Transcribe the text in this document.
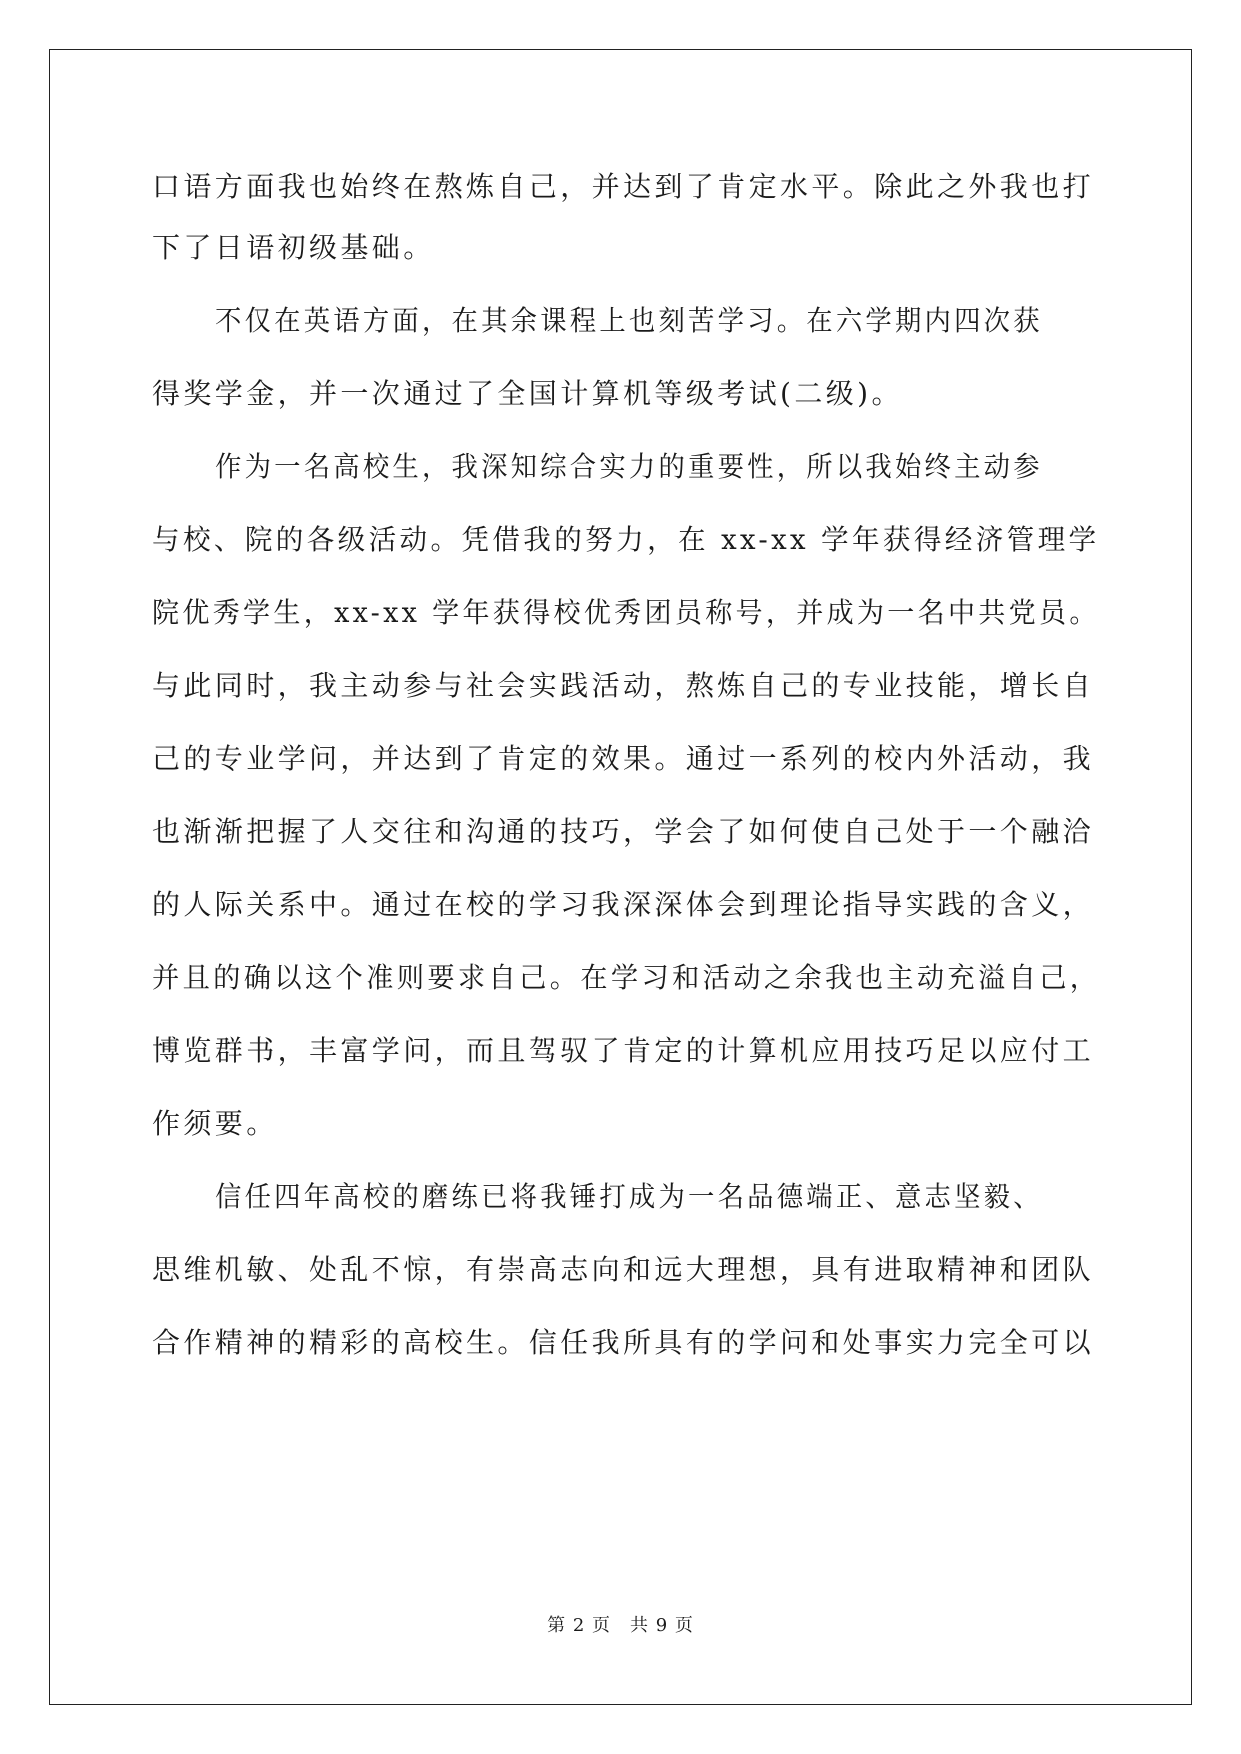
口语方面我也始终在熬炼自己，并达到了肯定水平。除此之外我也打
下了日语初级基础。
不仅在英语方面，在其余课程上也刻苦学习。在六学期内四次获
得奖学金，并一次通过了全国计算机等级考试(二级)。
作为一名高校生，我深知综合实力的重要性，所以我始终主动参
与校、院的各级活动。凭借我的努力，在 xx-xx 学年获得经济管理学
院优秀学生，xx-xx 学年获得校优秀团员称号，并成为一名中共党员。
与此同时，我主动参与社会实践活动，熬炼自己的专业技能，增长自
己的专业学问，并达到了肯定的效果。通过一系列的校内外活动，我
也渐渐把握了人交往和沟通的技巧，学会了如何使自己处于一个融洽
的人际关系中。通过在校的学习我深深体会到理论指导实践的含义，
并且的确以这个准则要求自己。在学习和活动之余我也主动充溢自己，
博览群书，丰富学问，而且驾驭了肯定的计算机应用技巧足以应付工
作须要。
信任四年高校的磨练已将我锤打成为一名品德端正、意志坚毅、
思维机敏、处乱不惊，有崇高志向和远大理想，具有进取精神和团队
合作精神的精彩的高校生。信任我所具有的学问和处事实力完全可以
第 2 页　共 9 页
